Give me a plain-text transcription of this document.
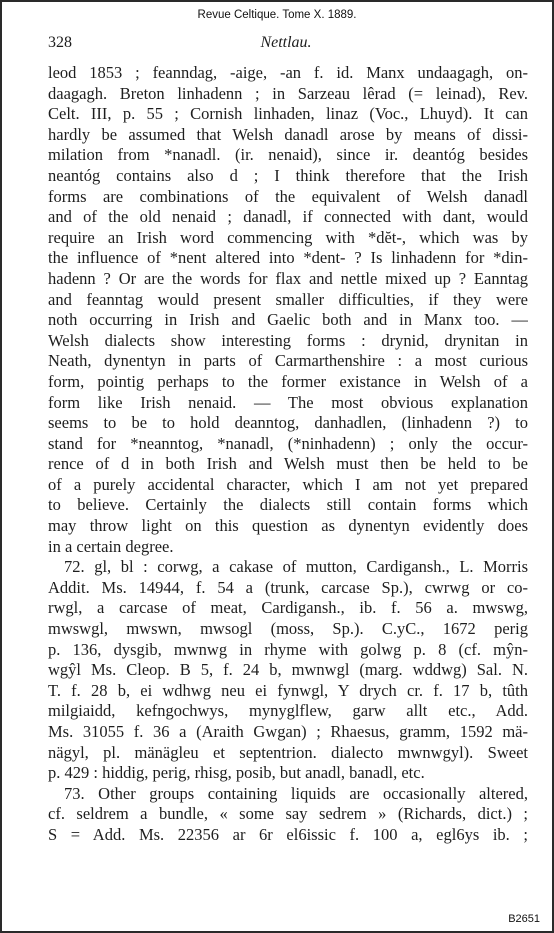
Revue Celtique. Tome X. 1889.
328	Nettlau.
leod 1853 ; feanndag, -aige, -an f. id. Manx undaagagh, on-
daagagh. Breton linhadenn ; in Sarzeau lêrad (= leinad), Rev.
Celt. III, p. 55 ; Cornish linhaden, linaz (Voc., Lhuyd). It can
hardly be assumed that Welsh danadl arose by means of dissi-
milation from *nanadl. (ir. nenaid), since ir. deantóg besides
neantóg contains also d ; I think therefore that the Irish
forms are combinations of the equivalent of Welsh danadl
and of the old nenaid ; danadl, if connected with dant, would
require an Irish word commencing with *dĕt-, which was by
the influence of *nent altered into *dent- ? Is linhadenn for *din-
hadenn ? Or are the words for flax and nettle mixed up ? Eanntag
and feanntag would present smaller difficulties, if they were
noth occurring in Irish and Gaelic both and in Manx too. —
Welsh dialects show interesting forms : drynid, drynitan in
Neath, dynentyn in parts of Carmarthenshire : a most curious
form, pointig perhaps to the former existance in Welsh of a
form like Irish nenaid. — The most obvious explanation
seems to be to hold deanntog, danhadlen, (linhadenn ?) to
stand for *neanntog, *nanadl, (*ninhadenn) ; only the occur-
rence of d in both Irish and Welsh must then be held to be
of a purely accidental character, which I am not yet prepared
to believe. Certainly the dialects still contain forms which
may throw light on this question as dynentyn evidently does
in a certain degree.
72. gl, bl : corwg, a cakase of mutton, Cardigansh., L. Morris
Addit. Ms. 14944, f. 54 a (trunk, carcase Sp.), cwrwg or co-
rwgl, a carcase of meat, Cardigansh., ib. f. 56 a. mwswg,
mwswgl, mwswn, mwsogl (moss, Sp.). C.yC., 1672 perig
p. 136, dysgib, mwnwg in rhyme with golwg p. 8 (cf. mŷn-
wgŷl Ms. Cleop. B 5, f. 24 b, mwnwgl (marg. wddwg) Sal. N.
T. f. 28 b, ei wdhwg neu ei fynwgl, Y drych cr. f. 17 b, tûth
milgiaidd, kefngochwys, mynyglflew, garw allt etc., Add.
Ms. 31055 f. 36 a (Araith Gwgan) ; Rhaesus, gramm, 1592 mä-
nägyl, pl. mänägleu et septentrion. dialecto mwnwgyl). Sweet
p. 429 : hiddig, perig, rhisg, posib, but anadl, banadl, etc.
73. Other groups containing liquids are occasionally altered,
cf. seldrem a bundle, « some say sedrem » (Richards, dict.) ;
S = Add. Ms. 22356 ar 6r el6issic f. 100 a, egl6ys ib. ;
B2651
